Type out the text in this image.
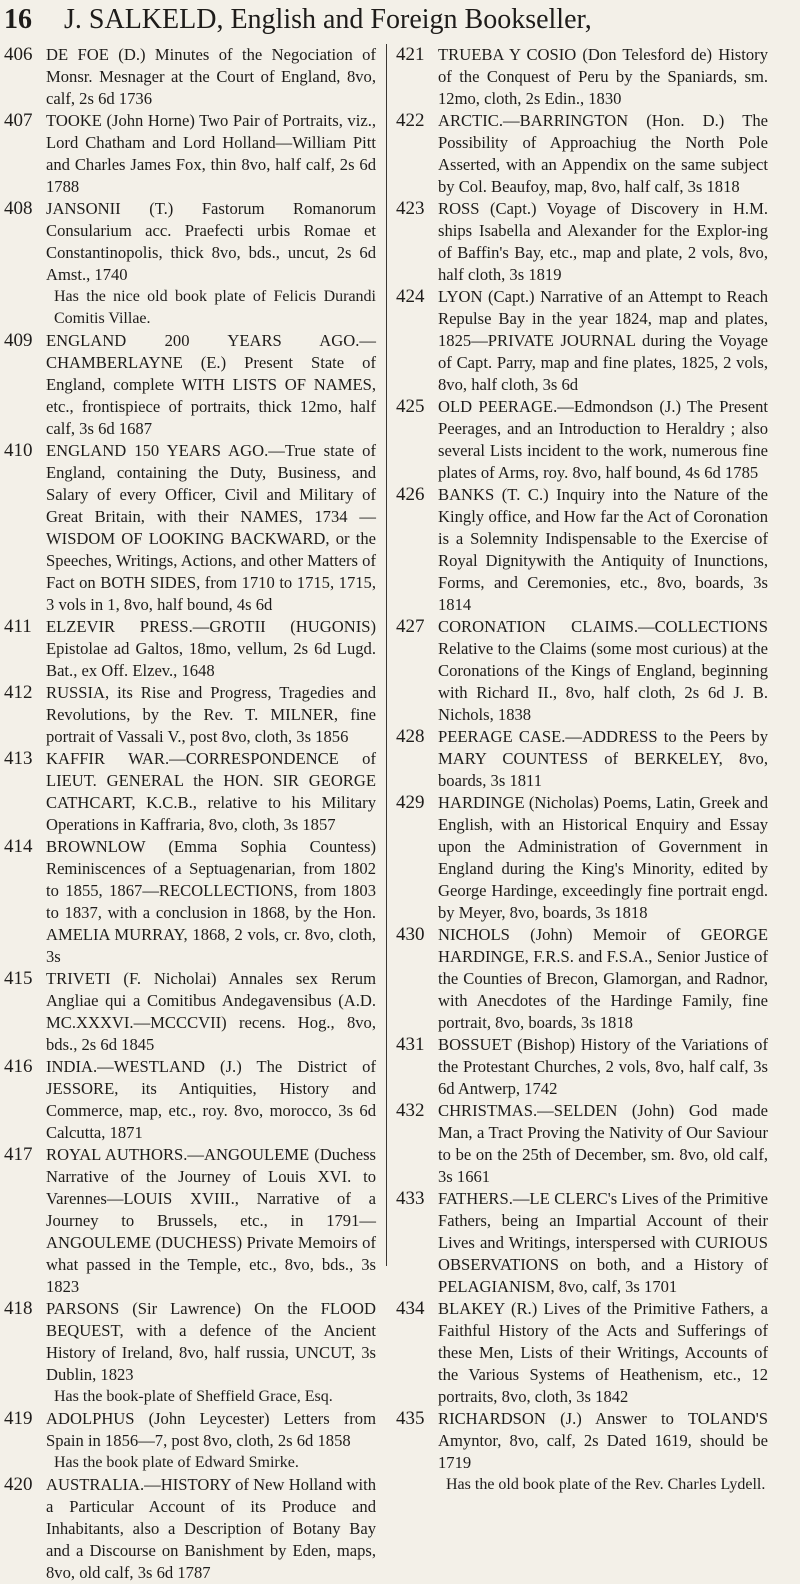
16 J. SALKELD, English and Foreign Bookseller,
406 DE FOE (D.) Minutes of the Negociation of Monsr. Mesnager at the Court of England, 8vo, calf, 2s 6d 1736
407 TOOKE (John Horne) Two Pair of Portraits, viz., Lord Chatham and Lord Holland—William Pitt and Charles James Fox, thin 8vo, half calf, 2s 6d 1788
408 JANSONII (T.) Fastorum Romanorum Consularium acc. Praefecti urbis Romae et Constantinopolis, thick 8vo, bds., uncut, 2s 6d Amst., 1740
Has the nice old book plate of Felicis Durandi Comitis Villae.
409 ENGLAND 200 YEARS AGO.—CHAMBERLAYNE (E.) Present State of England, complete WITH LISTS OF NAMES, etc., frontispiece of portraits, thick 12mo, half calf, 3s 6d 1687
410 ENGLAND 150 YEARS AGO.—True state of England, containing the Duty, Business, and Salary of every Officer, Civil and Military of Great Britain, with their NAMES, 1734 —WISDOM OF LOOKING BACKWARD, or the Speeches, Writings, Actions, and other Matters of Fact on BOTH SIDES, from 1710 to 1715, 1715, 3 vols in 1, 8vo, half bound, 4s 6d
411 ELZEVIR PRESS.—GROTII (HUGONIS) Epistolae ad Galtos, 18mo, vellum, 2s 6d Lugd. Bat., ex Off. Elzev., 1648
412 RUSSIA, its Rise and Progress, Tragedies and Revolutions, by the Rev. T. MILNER, fine portrait of Vassali V., post 8vo, cloth, 3s 1856
413 KAFFIR WAR.—CORRESPONDENCE of LIEUT. GENERAL the HON. SIR GEORGE CATHCART, K.C.B., relative to his Military Operations in Kaffraria, 8vo, cloth, 3s 1857
414 BROWNLOW (Emma Sophia Countess) Reminiscences of a Septuagenarian, from 1802 to 1855, 1867—RECOLLECTIONS, from 1803 to 1837, with a conclusion in 1868, by the Hon. AMELIA MURRAY, 1868, 2 vols, cr. 8vo, cloth, 3s
415 TRIVETI (F. Nicholai) Annales sex Rerum Angliae qui a Comitibus Andegavensibus (A.D. MC.XXXVI.—MCCCVII) recens. Hog., 8vo, bds., 2s 6d 1845
416 INDIA.—WESTLAND (J.) The District of JESSORE, its Antiquities, History and Commerce, map, etc., roy. 8vo, morocco, 3s 6d Calcutta, 1871
417 ROYAL AUTHORS.—ANGOULEME (Duchess Narrative of the Journey of Louis XVI. to Varennes—LOUIS XVIII., Narrative of a Journey to Brussels, etc., in 1791—ANGOULEME (DUCHESS) Private Memoirs of what passed in the Temple, etc., 8vo, bds., 3s 1823
418 PARSONS (Sir Lawrence) On the FLOOD BEQUEST, with a defence of the Ancient History of Ireland, 8vo, half russia, UNCUT, 3s Dublin, 1823
Has the book-plate of Sheffield Grace, Esq.
419 ADOLPHUS (John Leycester) Letters from Spain in 1856—7, post 8vo, cloth, 2s 6d 1858
Has the book plate of Edward Smirke.
420 AUSTRALIA.—HISTORY of New Holland with a Particular Account of its Produce and Inhabitants, also a Description of Botany Bay and a Discourse on Banishment by Eden, maps, 8vo, old calf, 3s 6d 1787
421 TRUEBA Y COSIO (Don Telesford de) History of the Conquest of Peru by the Spaniards, sm. 12mo, cloth, 2s Edin., 1830
422 ARCTIC.—BARRINGTON (Hon. D.) The Possibility of Approachiug the North Pole Asserted, with an Appendix on the same subject by Col. Beaufoy, map, 8vo, half calf, 3s 1818
423 ROSS (Capt.) Voyage of Discovery in H.M. ships Isabella and Alexander for the Explor-ing of Baffin's Bay, etc., map and plate, 2 vols, 8vo, half cloth, 3s 1819
424 LYON (Capt.) Narrative of an Attempt to Reach Repulse Bay in the year 1824, map and plates, 1825—PRIVATE JOURNAL during the Voyage of Capt. Parry, map and fine plates, 1825, 2 vols, 8vo, half cloth, 3s 6d
425 OLD PEERAGE.—Edmondson (J.) The Present Peerages, and an Introduction to Heraldry ; also several Lists incident to the work, numerous fine plates of Arms, roy. 8vo, half bound, 4s 6d 1785
426 BANKS (T. C.) Inquiry into the Nature of the Kingly office, and How far the Act of Coronation is a Solemnity Indispensable to the Exercise of Royal Dignitywith the Antiquity of Inunctions, Forms, and Ceremonies, etc., 8vo, boards, 3s 1814
427 CORONATION CLAIMS.—COLLECTIONS Relative to the Claims (some most curious) at the Coronations of the Kings of England, beginning with Richard II., 8vo, half cloth, 2s 6d J. B. Nichols, 1838
428 PEERAGE CASE.—ADDRESS to the Peers by MARY COUNTESS of BERKELEY, 8vo, boards, 3s 1811
429 HARDINGE (Nicholas) Poems, Latin, Greek and English, with an Historical Enquiry and Essay upon the Administration of Government in England during the King's Minority, edited by George Hardinge, exceedingly fine portrait engd. by Meyer, 8vo, boards, 3s 1818
430 NICHOLS (John) Memoir of GEORGE HARDINGE, F.R.S. and F.S.A., Senior Justice of the Counties of Brecon, Glamorgan, and Radnor, with Anecdotes of the Hardinge Family, fine portrait, 8vo, boards, 3s 1818
431 BOSSUET (Bishop) History of the Variations of the Protestant Churches, 2 vols, 8vo, half calf, 3s 6d Antwerp, 1742
432 CHRISTMAS.—SELDEN (John) God made Man, a Tract Proving the Nativity of Our Saviour to be on the 25th of December, sm. 8vo, old calf, 3s 1661
433 FATHERS.—LE CLERC's Lives of the Primitive Fathers, being an Impartial Account of their Lives and Writings, interspersed with CURIOUS OBSERVATIONS on both, and a History of PELAGIANISM, 8vo, calf, 3s 1701
434 BLAKEY (R.) Lives of the Primitive Fathers, a Faithful History of the Acts and Sufferings of these Men, Lists of their Writings, Accounts of the Various Systems of Heathenism, etc., 12 portraits, 8vo, cloth, 3s 1842
435 RICHARDSON (J.) Answer to TOLAND'S Amyntor, 8vo, calf, 2s Dated 1619, should be 1719
Has the old book plate of the Rev. Charles Lydell.
